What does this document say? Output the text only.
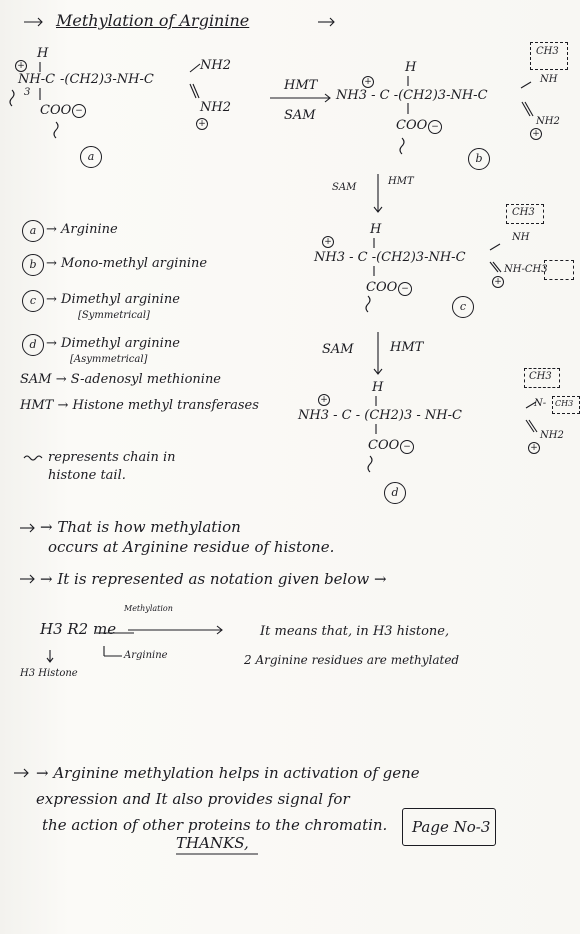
Methylation of Arginine
+
H
NH-C -(CH2)3-NH-C
NH2
NH2
+
3
COO −
a
HMT
SAM
+
H
NH3 - C -(CH2)3-NH-C
CH3
NH
NH2
+
COO −
b
SAM
HMT
+
H
NH3 - C -(CH2)3-NH-C
CH3
NH
NH-CH3
+
COO −
c
SAM	HMT
+
H
NH3 - C - (CH2)3 - NH-C
CH3
N- CH3
NH2
+
COO −
d
a → Arginine
b → Mono-methyl arginine
c → Dimethyl arginine
[Symmetrical]
d → Dimethyl arginine
[Asymmetrical]
SAM → S-adenosyl methionine
HMT → Histone methyl transferases
represents chain in
histone tail.
→ That is how methylation
occurs at Arginine residue of histone.
→ It is represented as notation given below →
Methylation
H3 R2 me
H3 Histone
Arginine
It means that, in H3 histone,
2 Arginine residues are methylated
→ Arginine methylation helps in activation of gene
expression and It also provides signal for
the action of other proteins to the chromatin.
THANKS,
Page No-3
